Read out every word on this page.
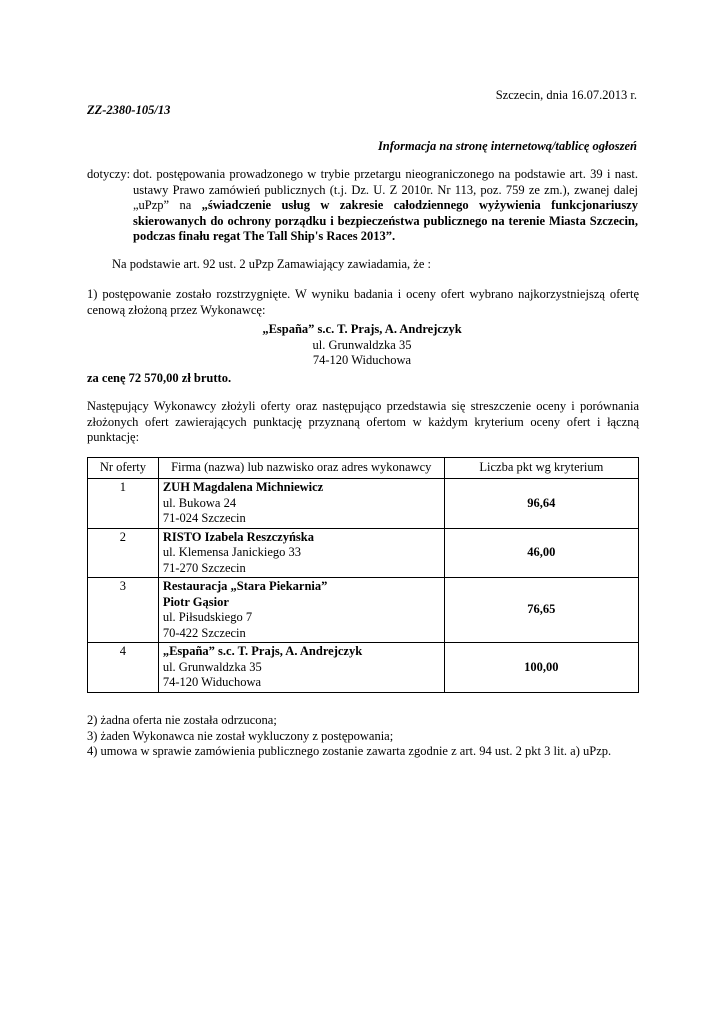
Szczecin, dnia 16.07.2013 r.
ZZ-2380-105/13
Informacja na stronę internetową/tablicę ogłoszeń
dotyczy: dot. postępowania prowadzonego w trybie przetargu nieograniczonego na podstawie art. 39 i nast. ustawy Prawo zamówień publicznych (t.j. Dz. U. Z 2010r. Nr 113, poz. 759 ze zm.), zwanej dalej „uPzp” na „świadczenie usług w zakresie całodziennego wyżywienia funkcjonariuszy skierowanych do ochrony porządku i bezpieczeństwa publicznego na terenie Miasta Szczecin, podczas finału regat The Tall Ship's Races 2013”.
Na podstawie art. 92 ust. 2 uPzp Zamawiający zawiadamia, że :
1) postępowanie zostało rozstrzygnięte. W wyniku badania i oceny ofert wybrano najkorzystniejszą ofertę cenową złożoną przez Wykonawcę:
„España” s.c. T. Prajs, A. Andrejczyk
ul. Grunwaldzka 35
74-120 Widuchowa
za cenę 72 570,00 zł brutto.
Następujący Wykonawcy złożyli oferty oraz następująco przedstawia się streszczenie oceny i porównania złożonych ofert zawierających punktację przyznaną ofertom w każdym kryterium oceny ofert i łączną punktację:
Nr oferty	Firma (nazwa) lub nazwisko oraz adres wykonawcy	Liczba pkt wg kryterium
1	ZUH Magdalena Michniewicz
ul. Bukowa 24
71-024 Szczecin	96,64
2	RISTO Izabela Reszczyńska
ul. Klemensa Janickiego 33
71-270 Szczecin	46,00
3	Restauracja „Stara Piekarnia”
Piotr Gąsior
ul. Piłsudskiego 7
70-422 Szczecin	76,65
4	„España” s.c. T. Prajs, A. Andrejczyk
ul. Grunwaldzka 35
74-120 Widuchowa	100,00
2) żadna oferta nie została odrzucona;
3) żaden Wykonawca nie został wykluczony z postępowania;
4) umowa w sprawie zamówienia publicznego zostanie zawarta zgodnie z art. 94 ust. 2 pkt 3 lit. a) uPzp.
